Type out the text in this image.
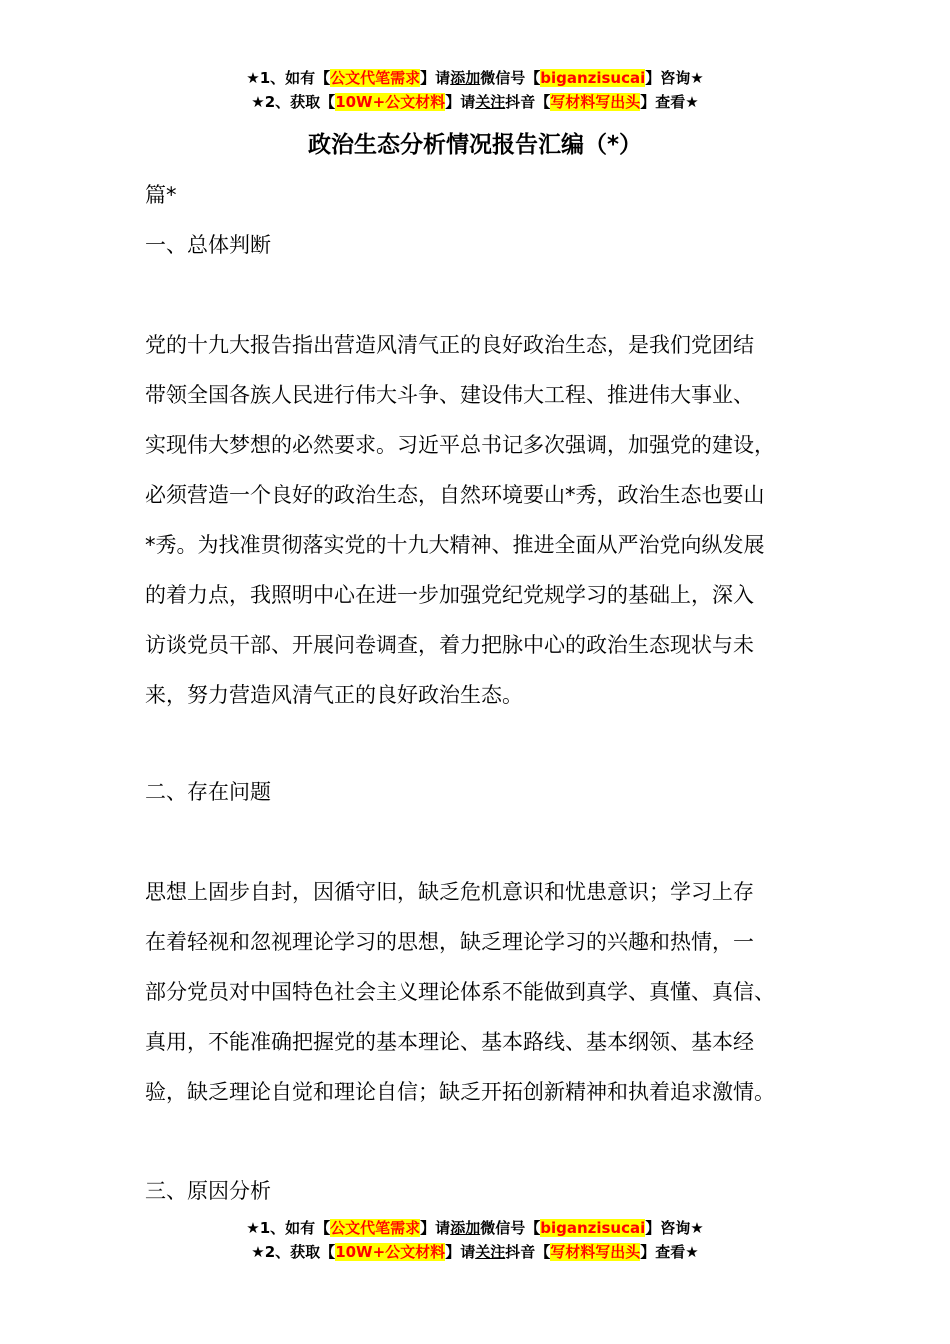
★1、如有【公文代笔需求】请添加微信号【biganzisucai】咨询★
★2、获取【10W+公文材料】请关注抖音【写材料写出头】查看★
政治生态分析情况报告汇编（*）
篇*
一、总体判断

党的十九大报告指出营造风清气正的良好政治生态，是我们党团结

带领全国各族人民进行伟大斗争、建设伟大工程、推进伟大事业、

实现伟大梦想的必然要求。习近平总书记多次强调，加强党的建设，

必须营造一个良好的政治生态，自然环境要山*秀，政治生态也要山

*秀。为找准贯彻落实党的十九大精神、推进全面从严治党向纵发展

的着力点，我照明中心在进一步加强党纪党规学习的基础上，深入

访谈党员干部、开展问卷调查，着力把脉中心的政治生态现状与未

来，努力营造风清气正的良好政治生态。

二、存在问题

思想上固步自封，因循守旧，缺乏危机意识和忧患意识；学习上存

在着轻视和忽视理论学习的思想，缺乏理论学习的兴趣和热情，一

部分党员对中国特色社会主义理论体系不能做到真学、真懂、真信、

真用，不能准确把握党的基本理论、基本路线、基本纲领、基本经

验，缺乏理论自觉和理论自信；缺乏开拓创新精神和执着追求激情。

三、原因分析
★1、如有【公文代笔需求】请添加微信号【biganzisucai】咨询★
★2、获取【10W+公文材料】请关注抖音【写材料写出头】查看★
